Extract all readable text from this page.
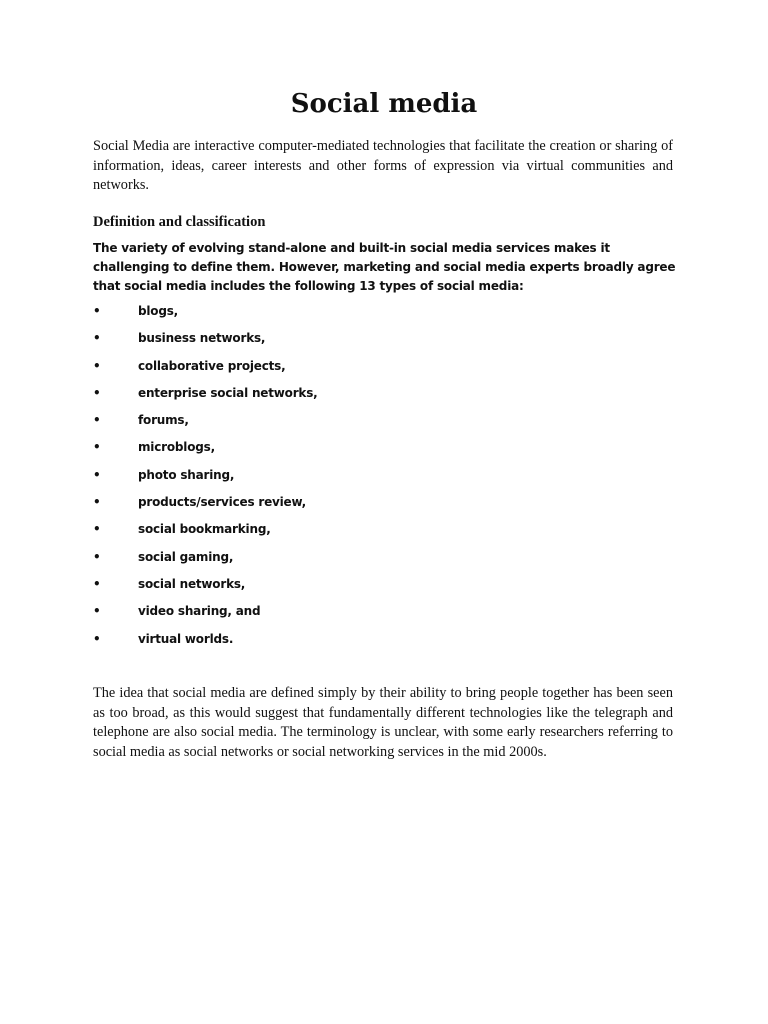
Social media

Social Media are interactive computer-mediated technologies that facilitate the creation or sharing of information, ideas, career interests and other forms of expression via virtual communities and networks.

Definition and classification

The variety of evolving stand-alone and built-in social media services makes it challenging to define them. However, marketing and social media experts broadly agree that social media includes the following 13 types of social media:

•	blogs,
•	business networks,
•	collaborative projects,
•	enterprise social networks,
•	forums,
•	microblogs,
•	photo sharing,
•	products/services review,
•	social bookmarking,
•	social gaming,
•	social networks,
•	video sharing, and
•	virtual worlds.

The idea that social media are defined simply by their ability to bring people together has been seen as too broad, as this would suggest that fundamentally different technologies like the telegraph and telephone are also social media. The terminology is unclear, with some early researchers referring to social media as social networks or social networking services in the mid 2000s.
